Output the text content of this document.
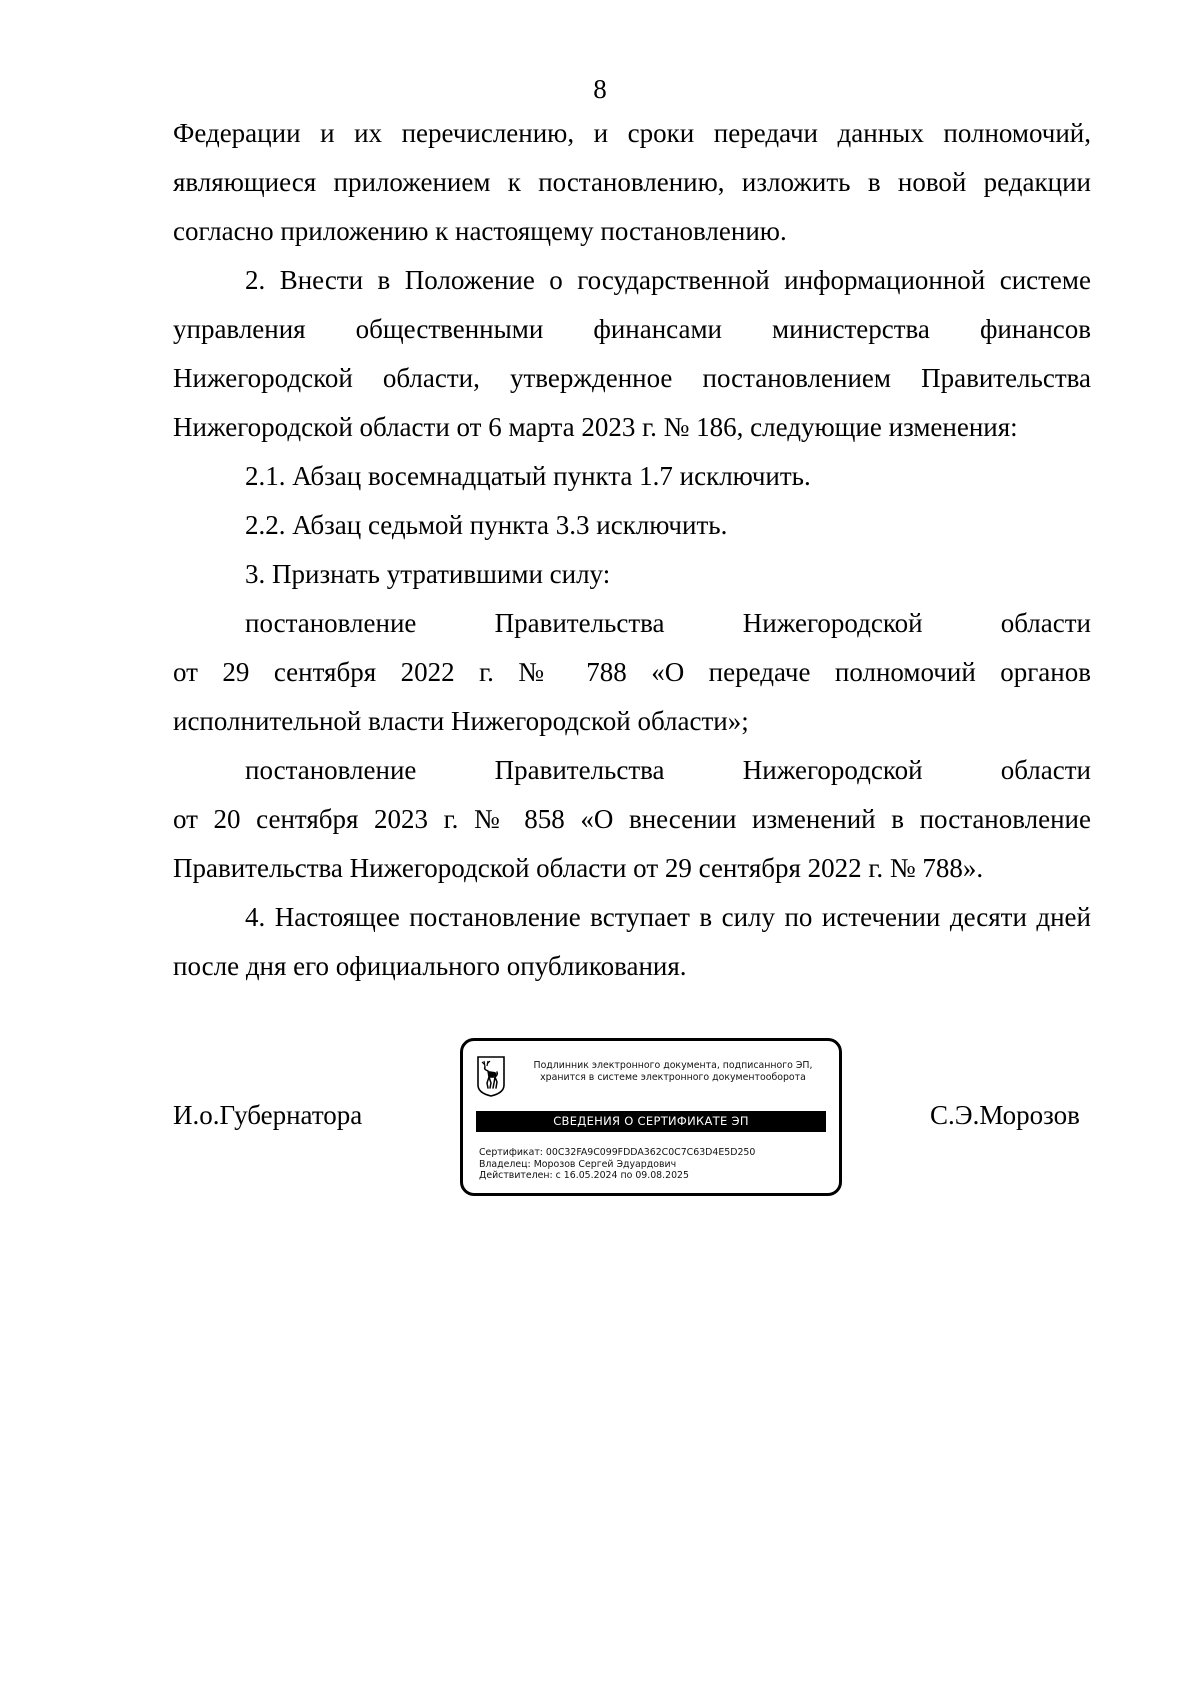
8

Федерации и их перечислению, и сроки передачи данных полномочий, являющиеся приложением к постановлению, изложить в новой редакции согласно приложению к настоящему постановлению.

2. Внести в Положение о государственной информационной системе управления общественными финансами министерства финансов Нижегородской области, утвержденное постановлением Правительства Нижегородской области от 6 марта 2023 г. № 186, следующие изменения:

2.1. Абзац восемнадцатый пункта 1.7 исключить.

2.2. Абзац седьмой пункта 3.3 исключить.

3. Признать утратившими силу:

постановление Правительства Нижегородской области

от 29 сентября 2022 г. № 788 «О передаче полномочий органов исполнительной власти Нижегородской области»;

постановление Правительства Нижегородской области

от 20 сентября 2023 г. № 858 «О внесении изменений в постановление Правительства Нижегородской области от 29 сентября 2022 г. № 788».

4. Настоящее постановление вступает в силу по истечении десяти дней после дня его официального опубликования.

И.о.Губернатора
Подлинник электронного документа, подписанного ЭП,
хранится в системе электронного документооборота
СВЕДЕНИЯ О СЕРТИФИКАТЕ ЭП
Сертификат: 00C32FA9C099FDDA362C0C7C63D4E5D250
Владелец: Морозов Сергей Эдуардович
Действителен: с 16.05.2024 по 09.08.2025
С.Э.Морозов
